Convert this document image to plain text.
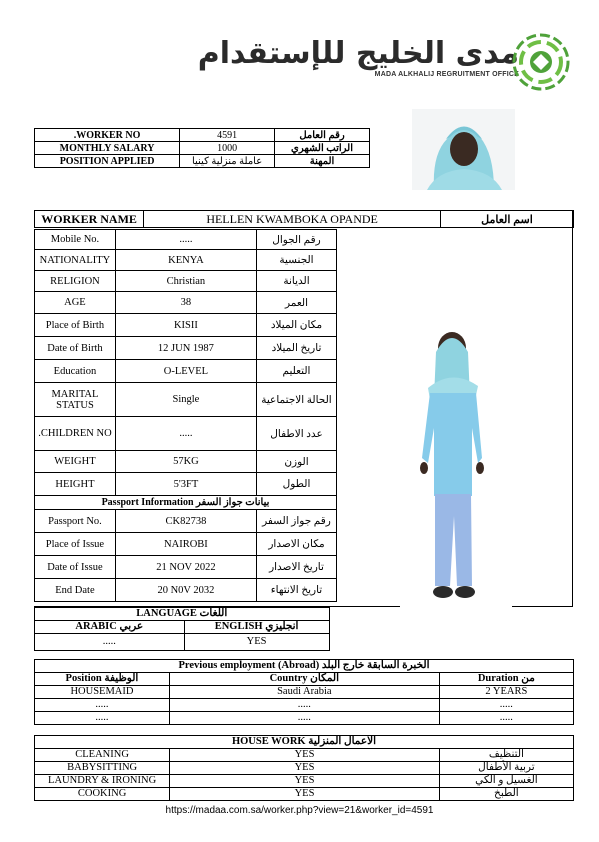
مدى الخليج للإستقدام
MADA ALKHALIJ REGRUITMENT OFFICE
.WORKER NO	4591	رقم العامل
MONTHLY SALARY	1000	الراتب الشهري
POSITION APPLIED	عاملة منزلية كينيا	المهنة
WORKER NAME	HELLEN KWAMBOKA OPANDE	اسم العامل
Mobile No.	.....	رقم الجوال
NATIONALITY	KENYA	الجنسية
RELIGION	Christian	الديانة
AGE	38	العمر
Place of Birth	KISII	مكان الميلاد
Date of Birth	12 JUN 1987	تاريخ الميلاد
Education	O-LEVEL	التعليم
MARITAL STATUS	Single	الحالة الاجتماعية
.CHILDREN NO	.....	عدد الاطفال
WEIGHT	57KG	الوزن
HEIGHT	5'3FT	الطول
Passport Information بيانات جواز السفر		
Passport No.	CK82738	رقم جواز السفر
Place of Issue	NAIROBI	مكان الاصدار
Date of Issue	21 NOV 2022	تاريخ الاصدار
End Date	20 N0V 2032	تاريخ الانتهاء
LANGUAGE اللغات		
ARABIC عربي	ENGLISH انجليزي	
.....	YES	
Previous employment (Abroad) الخبرة السابقة خارج البلد		
Position الوظيفة	Country المكان	Duration من
HOUSEMAID	Saudi Arabia	2 YEARS
.....	.....	.....
.....	.....	.....
HOUSE WORK الاعمال المنزلية		
CLEANING	YES	التنظيف
BABYSITTING	YES	تربية الأطفال
LAUNDRY & IRONING	YES	الغسيل و الكي
COOKING	YES	الطبخ
https://madaa.com.sa/worker.php?view=21&worker_id=4591
